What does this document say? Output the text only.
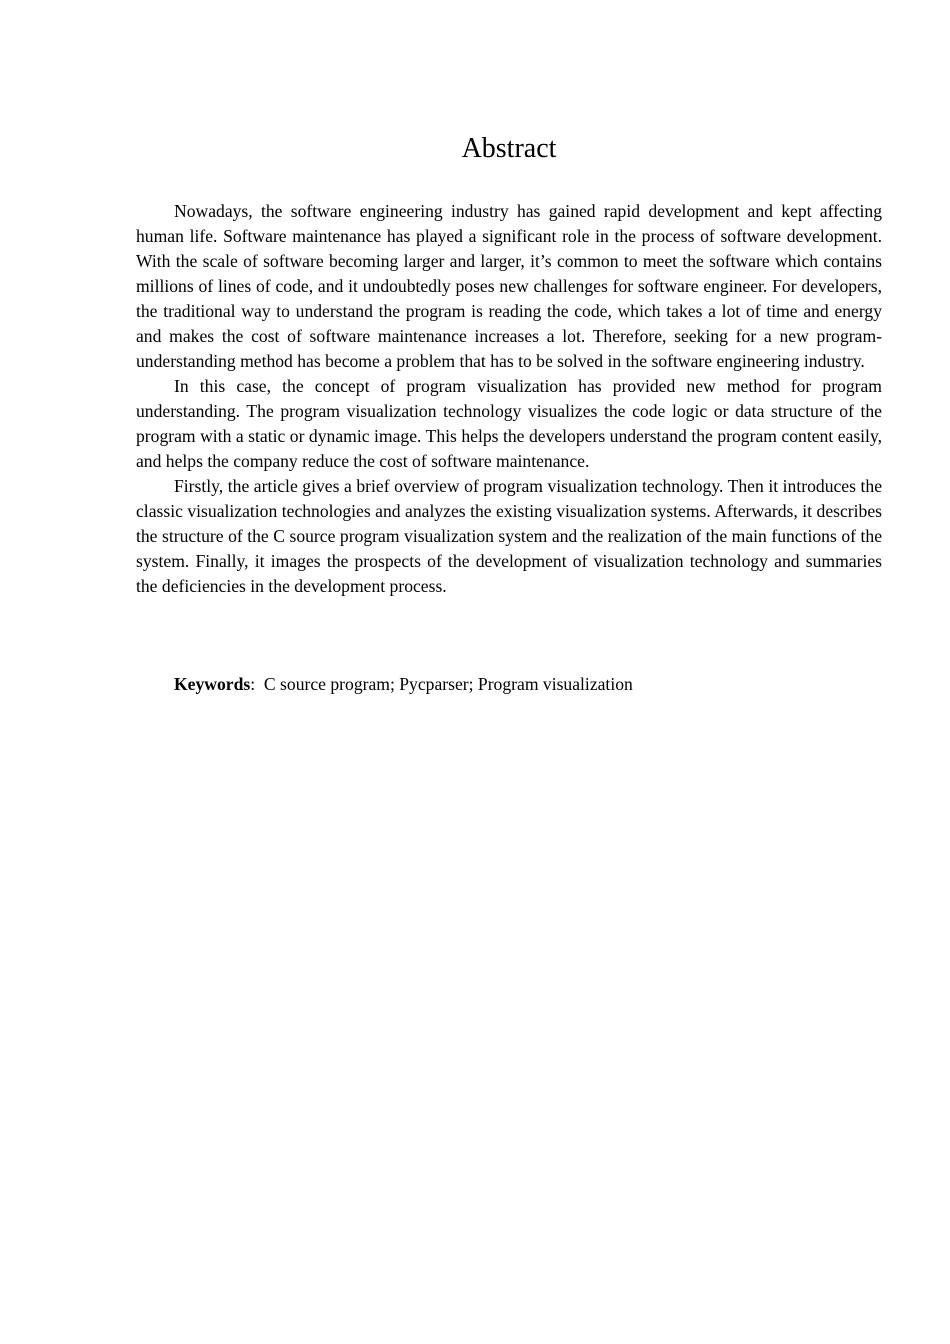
Abstract

Nowadays, the software engineering industry has gained rapid development and kept affecting human life. Software maintenance has played a significant role in the process of software development. With the scale of software becoming larger and larger, it’s common to meet the software which contains millions of lines of code, and it undoubtedly poses new challenges for software engineer. For developers, the traditional way to understand the program is reading the code, which takes a lot of time and energy and makes the cost of software maintenance increases a lot. Therefore, seeking for a new program-understanding method has become a problem that has to be solved in the software engineering industry.

In this case, the concept of program visualization has provided new method for program understanding. The program visualization technology visualizes the code logic or data structure of the program with a static or dynamic image. This helps the developers understand the program content easily, and helps the company reduce the cost of software maintenance.

Firstly, the article gives a brief overview of program visualization technology. Then it introduces the classic visualization technologies and analyzes the existing visualization systems. Afterwards, it describes the structure of the C source program visualization system and the realization of the main functions of the system. Finally, it images the prospects of the development of visualization technology and summaries the deficiencies in the development process.

Keywords: C source program; Pycparser; Program visualization
